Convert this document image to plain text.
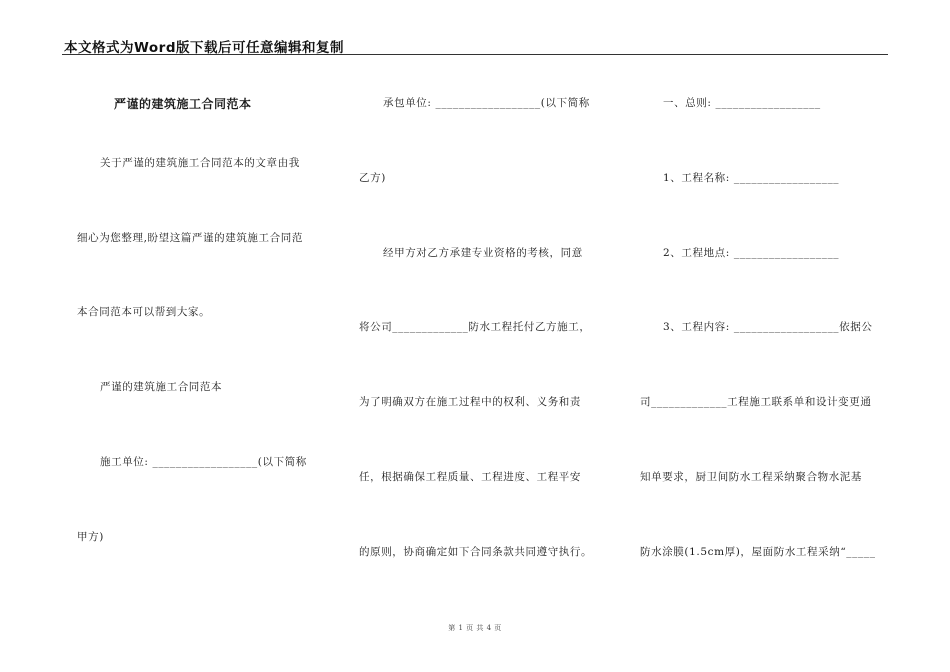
本文格式为Word版下载后可任意编辑和复制
严谨的建筑施工合同范本
关于严谨的建筑施工合同范本的文章由我
细心为您整理,盼望这篇严谨的建筑施工合同范
本合同范本可以帮到大家。
严谨的建筑施工合同范本
施工单位: __________________(以下简称
甲方)
承包单位: __________________(以下简称
乙方)
经甲方对乙方承建专业资格的考核，同意
将公司_____________防水工程托付乙方施工，
为了明确双方在施工过程中的权利、义务和责
任，根据确保工程质量、工程进度、工程平安
的原则，协商确定如下合同条款共同遵守执行。
一、总则: __________________
1、工程名称: __________________
2、工程地点: __________________
3、工程内容: __________________依据公
司_____________工程施工联系单和设计变更通
知单要求，厨卫间防水工程采纳聚合物水泥基
防水涂膜(1.5cm厚)，屋面防水工程采纳“_____
第 1 页 共 4 页
